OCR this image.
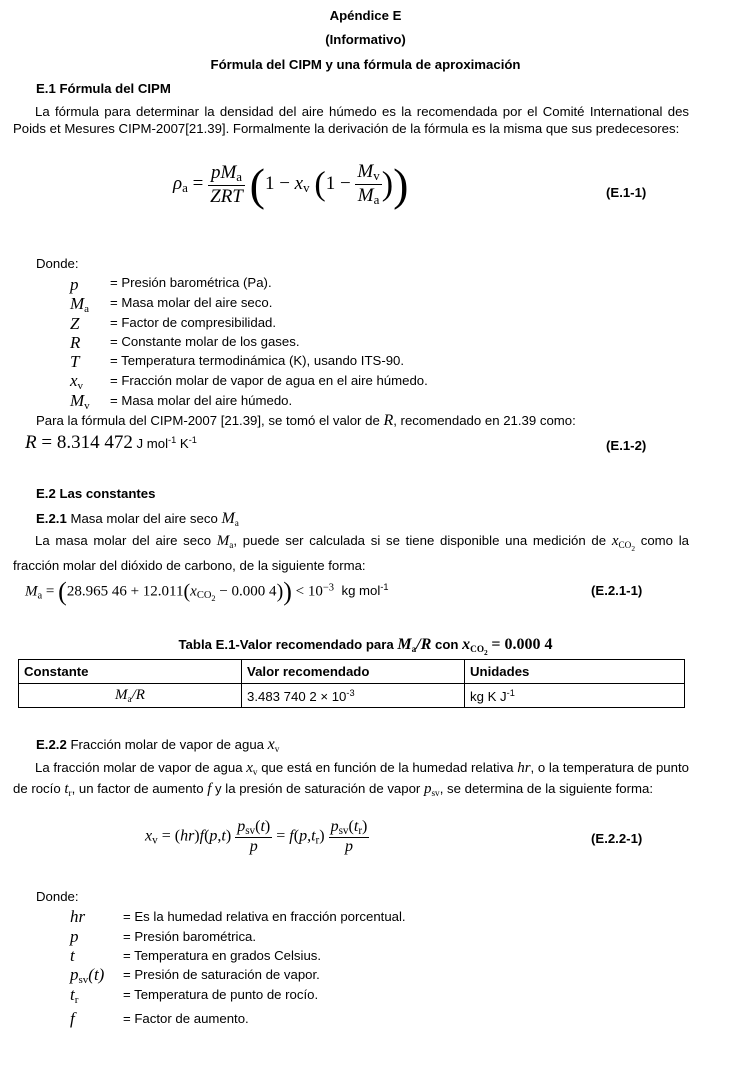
Apéndice E
(Informativo)
Fórmula del CIPM y una fórmula de aproximación
E.1 Fórmula del CIPM
La fórmula para determinar la densidad del aire húmedo es la recomendada por el Comité International des Poids et Mesures CIPM-2007[21.39]. Formalmente la derivación de la fórmula es la misma que sus predecesores:
$\rho_a = \frac{pM_a}{\text{ZRT}} (1 - x_v$ ($1 - \frac{M_v}{M_a}$ ))	(E.1-1)
Donde:
p = Presión barométrica (Pa).
$M_a$ = Masa molar del aire seco.
Z = Factor de compresibilidad.
R = Constante molar de los gases.
T = Temperatura termodinámica (K), usando ITS-90.
$x_v$ = Fracción molar de vapor de agua en el aire húmedo.
$M_v$ = Masa molar del aire húmedo.
Para la fórmula del CIPM-2007 [21.39], se tomó el valor de R, recomendado en 21.39 como:
R = 8.314 472 J mol$^{-1}$ $K^{-1}$	(E.1-2)
E.2 Las constantes
E.2.1 Masa molar del aire seco $M_a$
La masa molar del aire seco $M_a$, puede ser calculada si se tiene disponible una medición de $x_{CO_2}$ como la fracción molar del dióxido de carbono, de la siguiente forma:
$M_a = (28.965$ $46 + 12.011(x_{CO_2} - 0.000$ $4)) < 10^{-3}$ kg mol$^{-1}$	(E.2.1-1)
Tabla E.1-Valor recomendado para $M_a/R$ con $x_{CO_2} = 0.000$ 4
Constante	Valor recomendado	Unidades
$M_a/R$	3.483 740 $2 \times 10^{-3}$	kg K $J^{-1}$
E.2.2 Fracción molar de vapor de agua $x_v$
La fracción molar de vapor de agua $x_v$ que está en función de la humedad relativa hr, o la temperatura de punto de rocío $t_r$, un factor de aumento f y la presión de saturación de vapor $p_{sv}$, se determina de la siguiente forma:
$x_v = (hr)f(p,t) \frac{p_{sv}(t)}{p} = f(p,t_r) \frac{p_{sv}(t_r)}{p}$	(E.2.2-1)
Donde:
hr	= Es la humedad relativa en fracción porcentual.
p	= Presión barométrica.
t	= Temperatura en grados Celsius.
$p_{sv}(t)$ = Presión de saturación de vapor.
$t_r$	= Temperatura de punto de rocío.
f	= Factor de aumento.
